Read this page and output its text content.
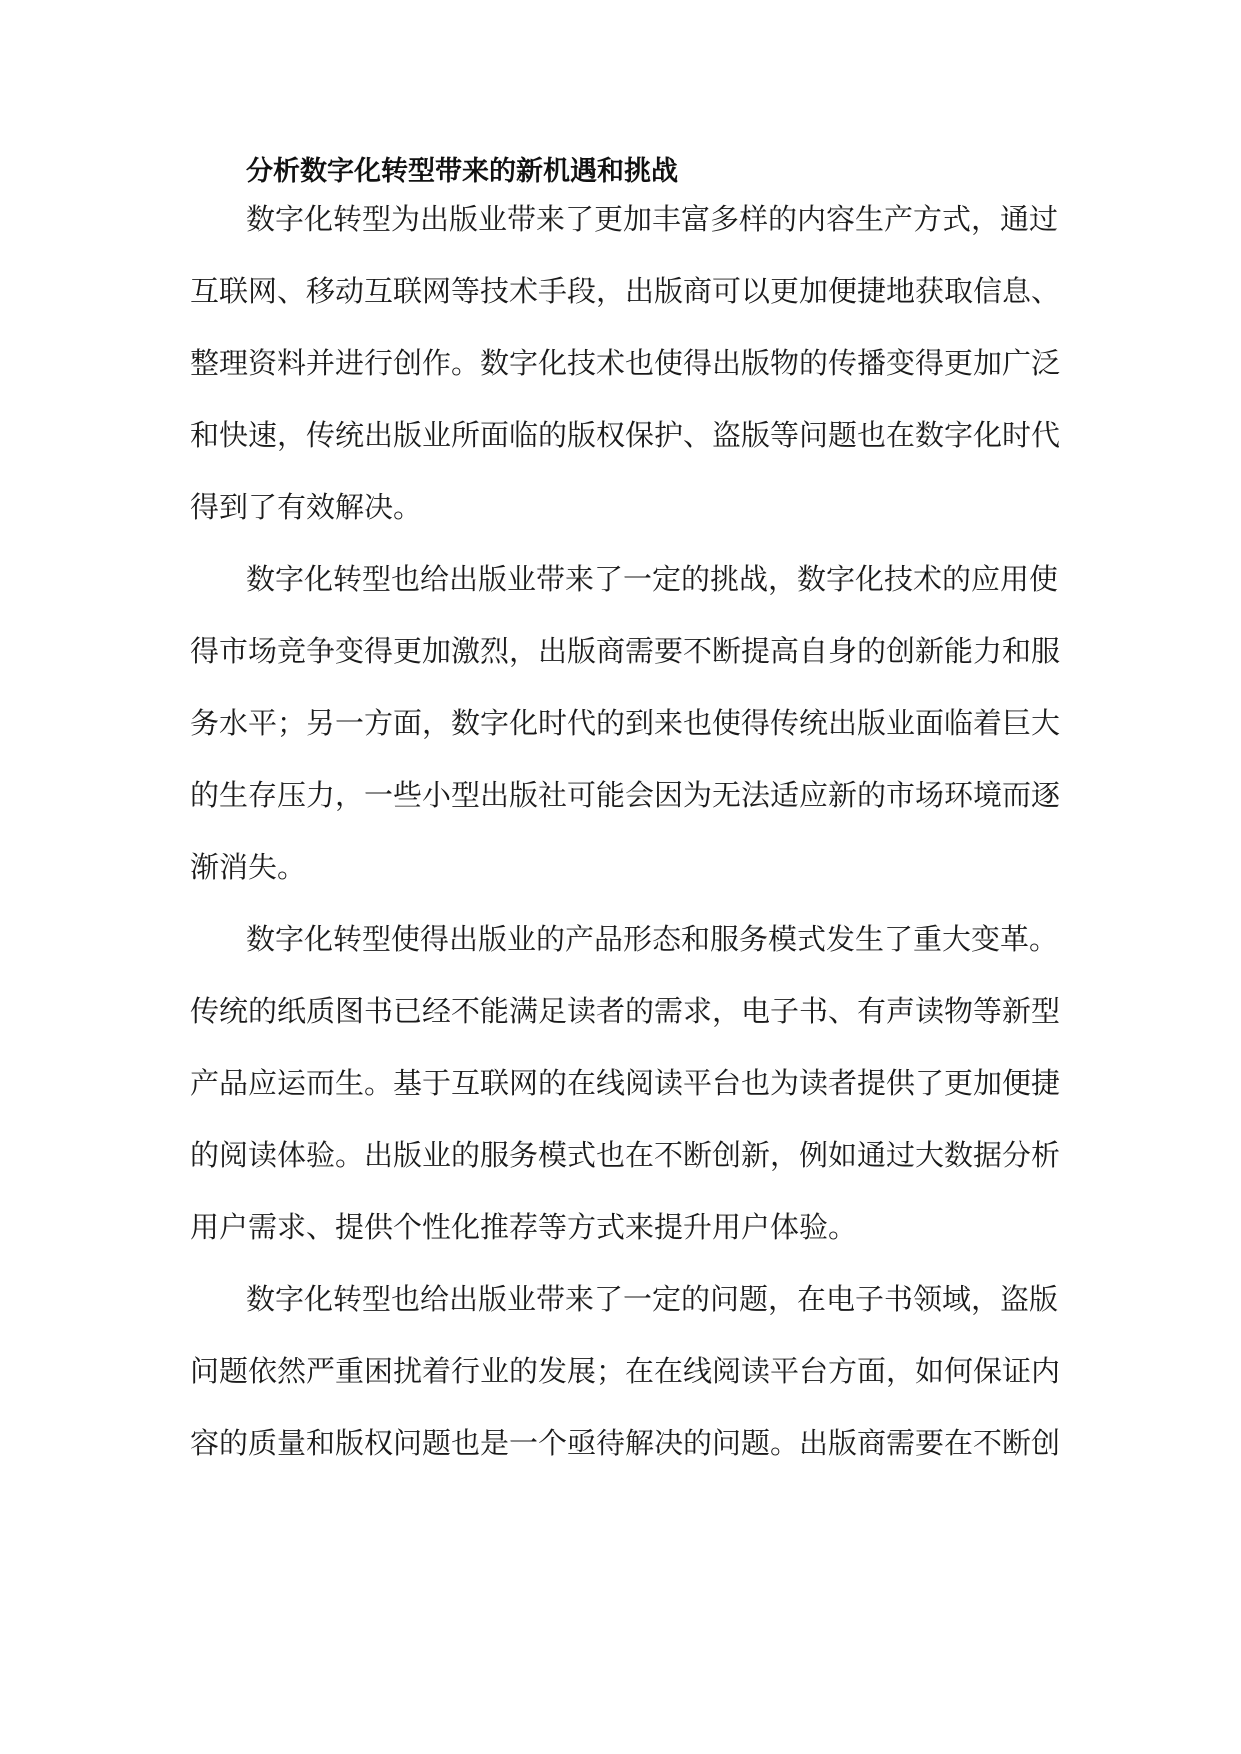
分析数字化转型带来的新机遇和挑战

数字化转型为出版业带来了更加丰富多样的内容生产方式，通过

互联网、移动互联网等技术手段，出版商可以更加便捷地获取信息、

整理资料并进行创作。数字化技术也使得出版物的传播变得更加广泛

和快速，传统出版业所面临的版权保护、盗版等问题也在数字化时代

得到了有效解决。

数字化转型也给出版业带来了一定的挑战，数字化技术的应用使

得市场竞争变得更加激烈，出版商需要不断提高自身的创新能力和服

务水平；另一方面，数字化时代的到来也使得传统出版业面临着巨大

的生存压力，一些小型出版社可能会因为无法适应新的市场环境而逐

渐消失。

数字化转型使得出版业的产品形态和服务模式发生了重大变革。

传统的纸质图书已经不能满足读者的需求，电子书、有声读物等新型

产品应运而生。基于互联网的在线阅读平台也为读者提供了更加便捷

的阅读体验。出版业的服务模式也在不断创新，例如通过大数据分析

用户需求、提供个性化推荐等方式来提升用户体验。

数字化转型也给出版业带来了一定的问题，在电子书领域，盗版

问题依然严重困扰着行业的发展；在在线阅读平台方面，如何保证内

容的质量和版权问题也是一个亟待解决的问题。出版商需要在不断创
